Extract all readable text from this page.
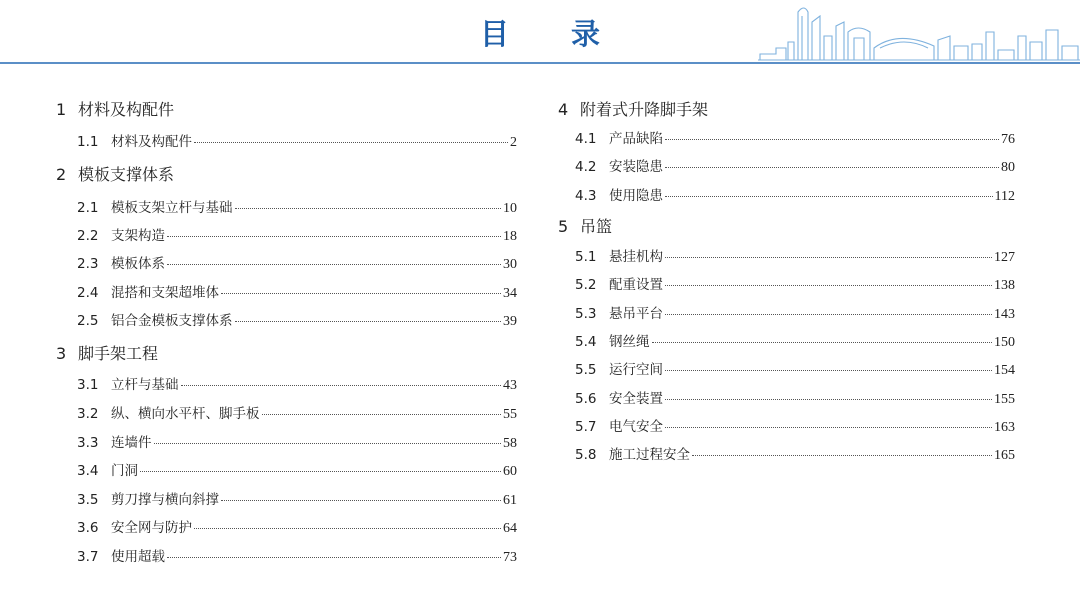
目 录
1 材料及构配件
1.1 材料及构配件	2
2 模板支撑体系
2.1 模板支架立杆与基础	10
2.2 支架构造	18
2.3 模板体系	30
2.4 混搭和支架超堆体	34
2.5 铝合金模板支撑体系	39
3 脚手架工程
3.1 立杆与基础	43
3.2 纵、横向水平杆、脚手板	55
3.3 连墙件	58
3.4 门洞	60
3.5 剪刀撑与横向斜撑	61
3.6 安全网与防护	64
3.7 使用超载	73
4 附着式升降脚手架
4.1 产品缺陷	76
4.2 安装隐患	80
4.3 使用隐患	112
5 吊篮
5.1 悬挂机构	127
5.2 配重设置	138
5.3 悬吊平台	143
5.4 钢丝绳	150
5.5 运行空间	154
5.6 安全装置	155
5.7 电气安全	163
5.8 施工过程安全	165
